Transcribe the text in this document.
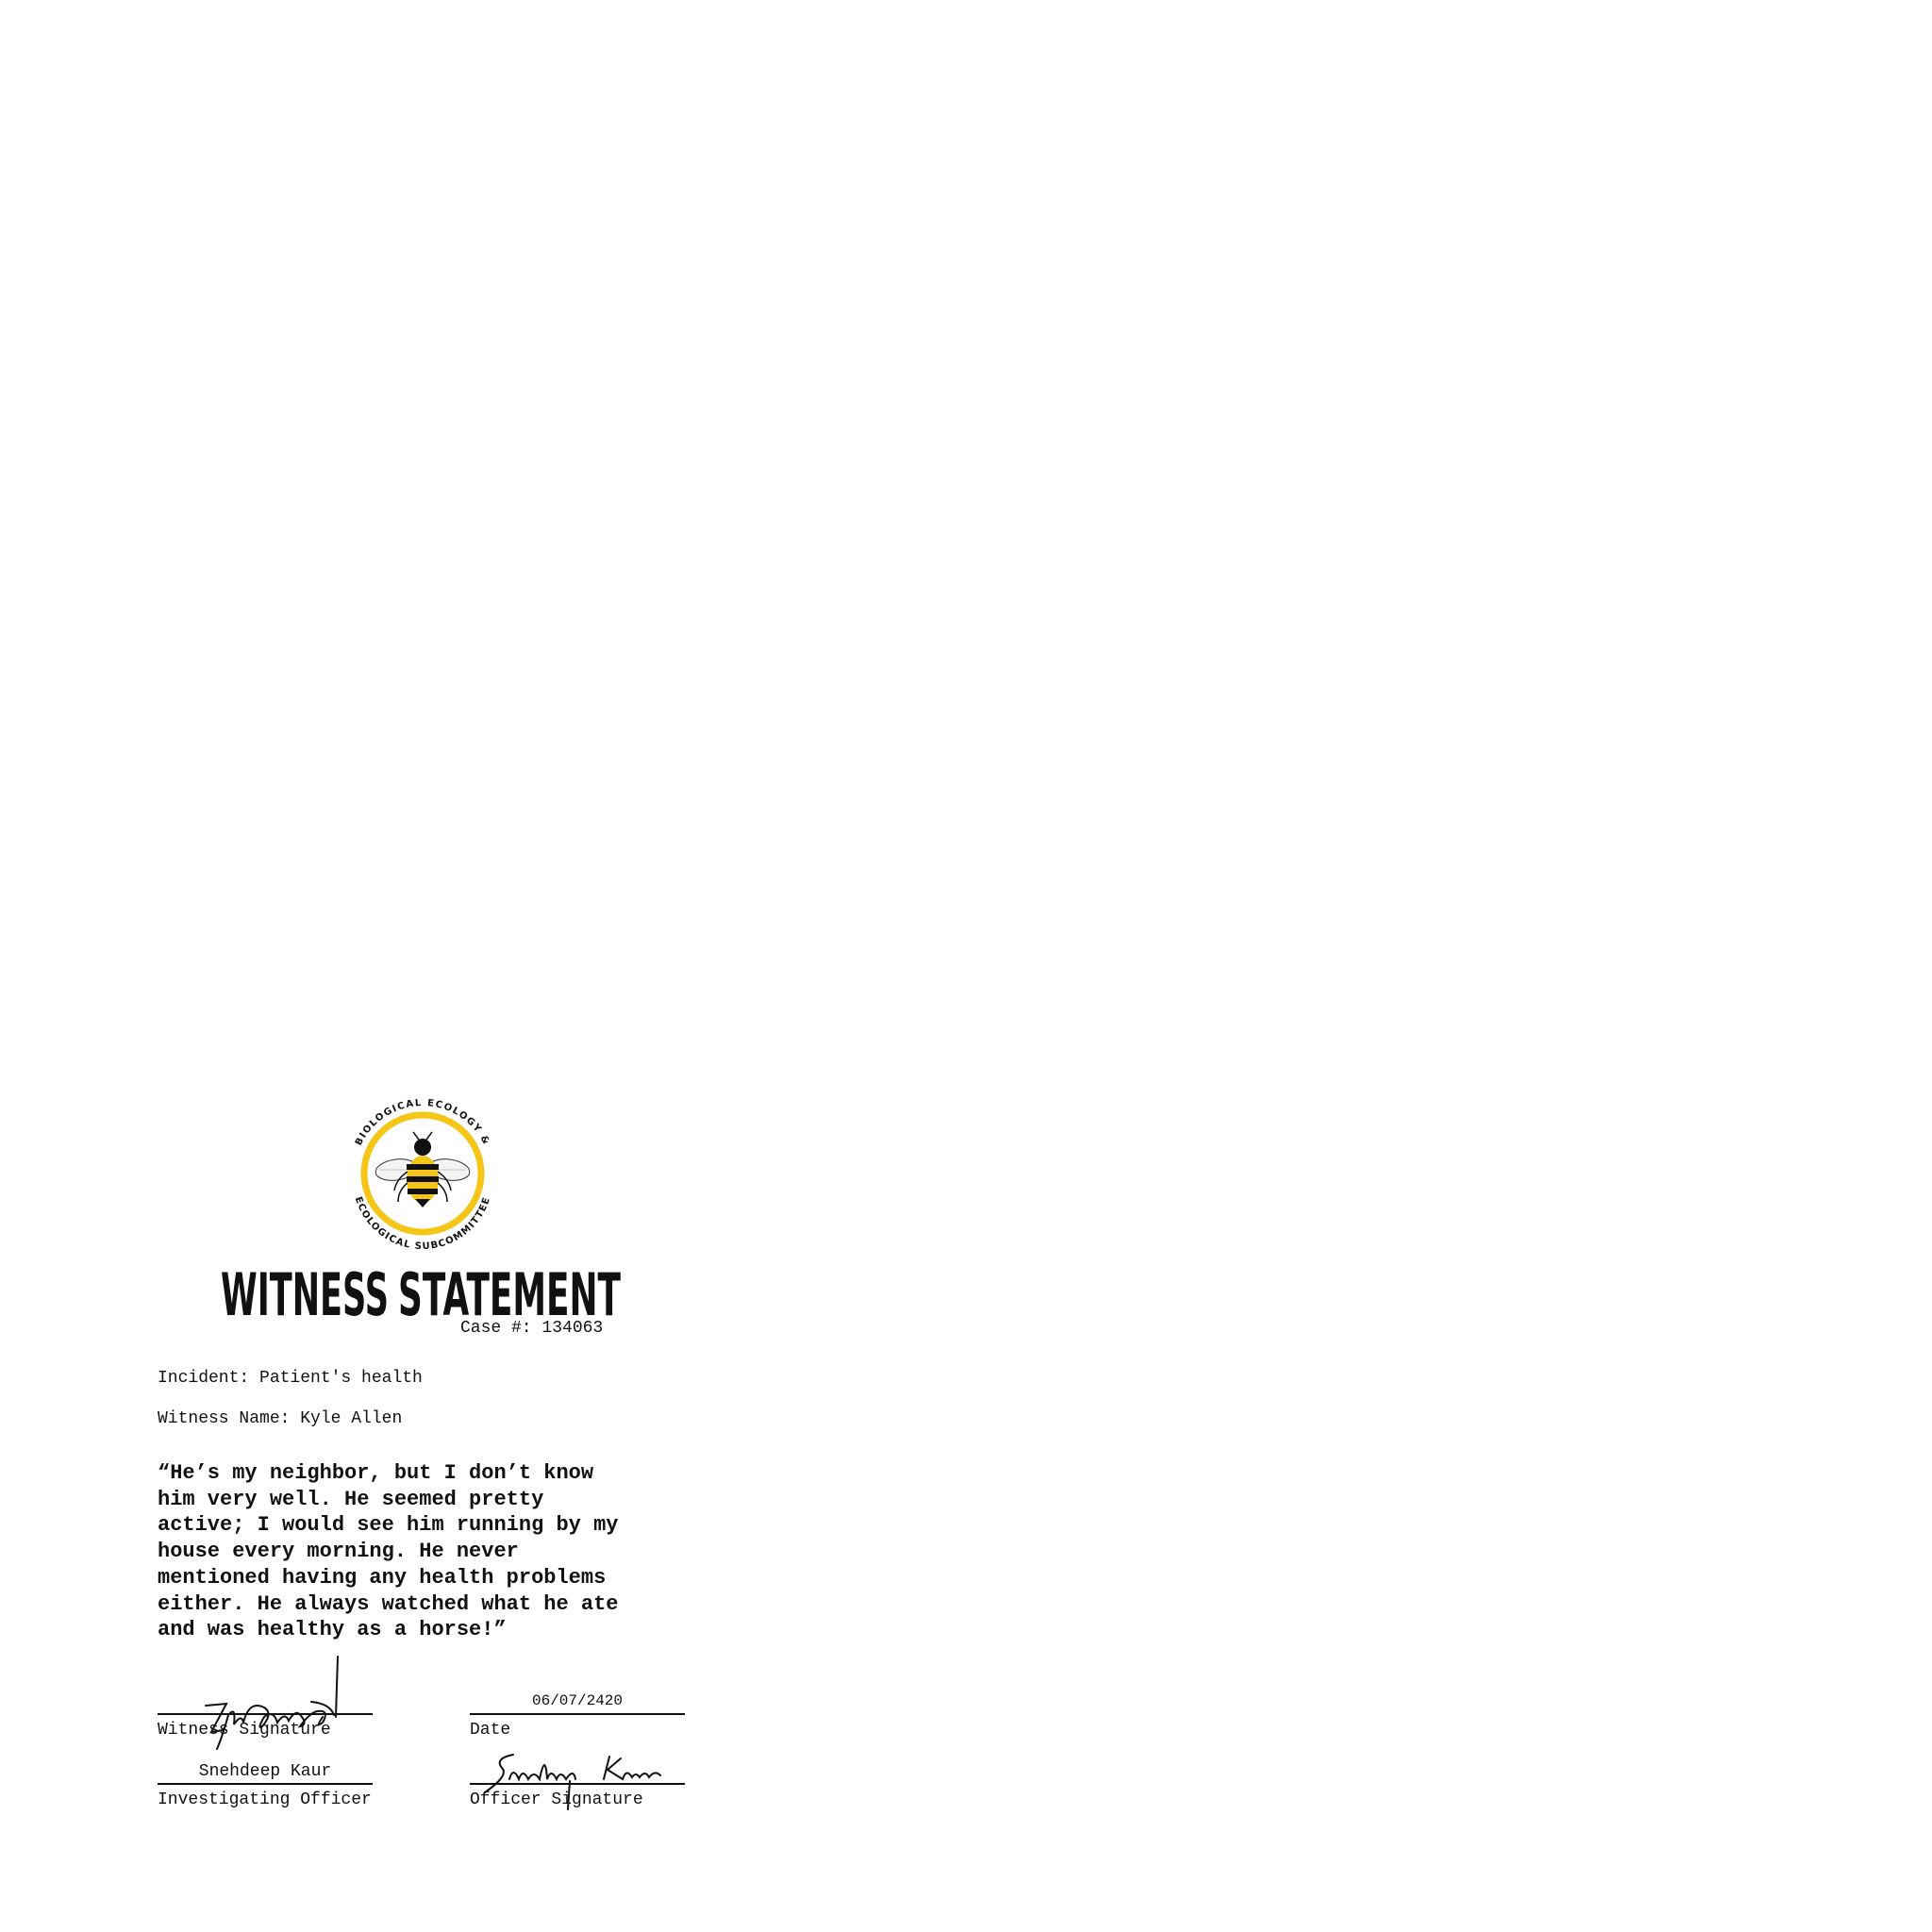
BIOLOGICAL ECOLOGY &
ECOLOGICAL SUBCOMMITTEE
WITNESS STATEMENT
Case #: 134063
Incident: Patient's health
Witness Name: Kyle Allen
“He’s my neighbor, but I don’t know
him very well. He seemed pretty
active; I would see him running by my
house every morning. He never
mentioned having any health problems
either. He always watched what he ate
and was healthy as a horse!”
Witness Signature
06/07/2420
Date
Snehdeep Kaur
Investigating Officer	Officer Signature
